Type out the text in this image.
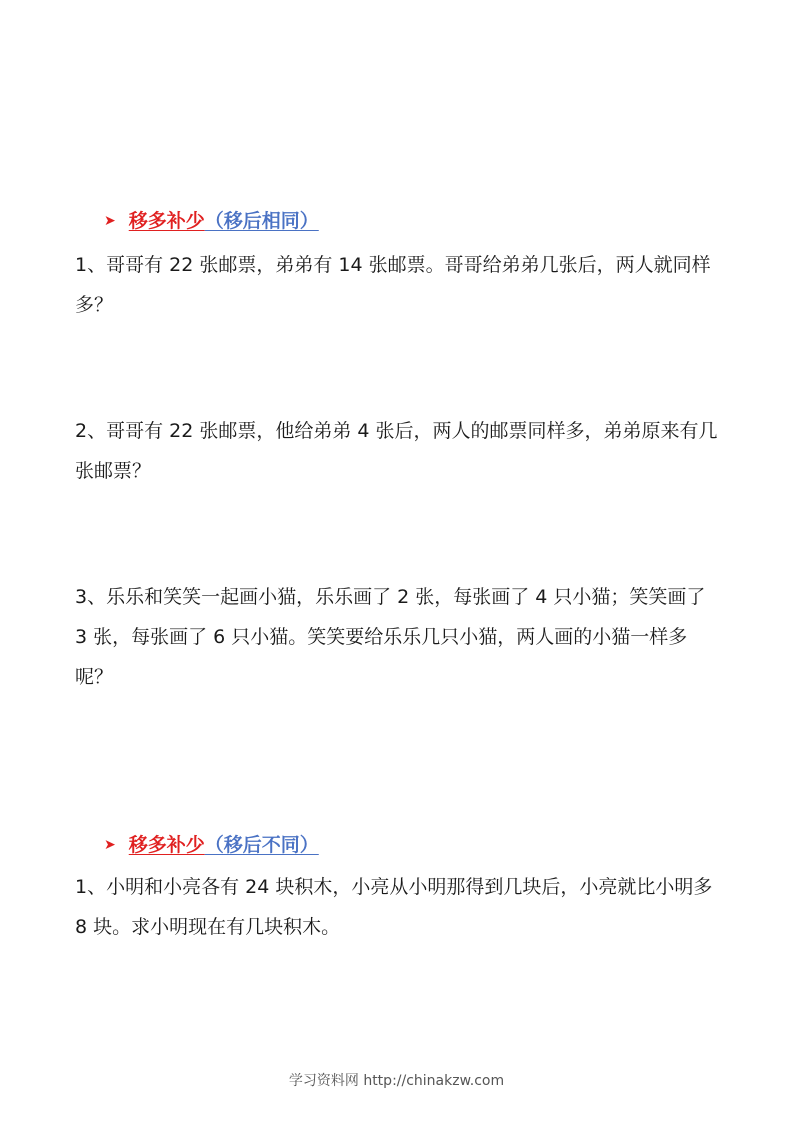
➤ 移多补少 （移后相同）

1、哥哥有 22 张邮票，弟弟有 14 张邮票。哥哥给弟弟几张后，两人就同样多？

2、哥哥有 22 张邮票，他给弟弟 4 张后，两人的邮票同样多，弟弟原来有几张邮票？

3、乐乐和笑笑一起画小猫，乐乐画了 2 张，每张画了 4 只小猫；笑笑画了 3 张，每张画了 6 只小猫。笑笑要给乐乐几只小猫，两人画的小猫一样多呢？

➤ 移多补少 （移后不同）

1、小明和小亮各有 24 块积木，小亮从小明那得到几块后，小亮就比小明多 8 块。求小明现在有几块积木。

学习资料网 http://chinakzw.com
